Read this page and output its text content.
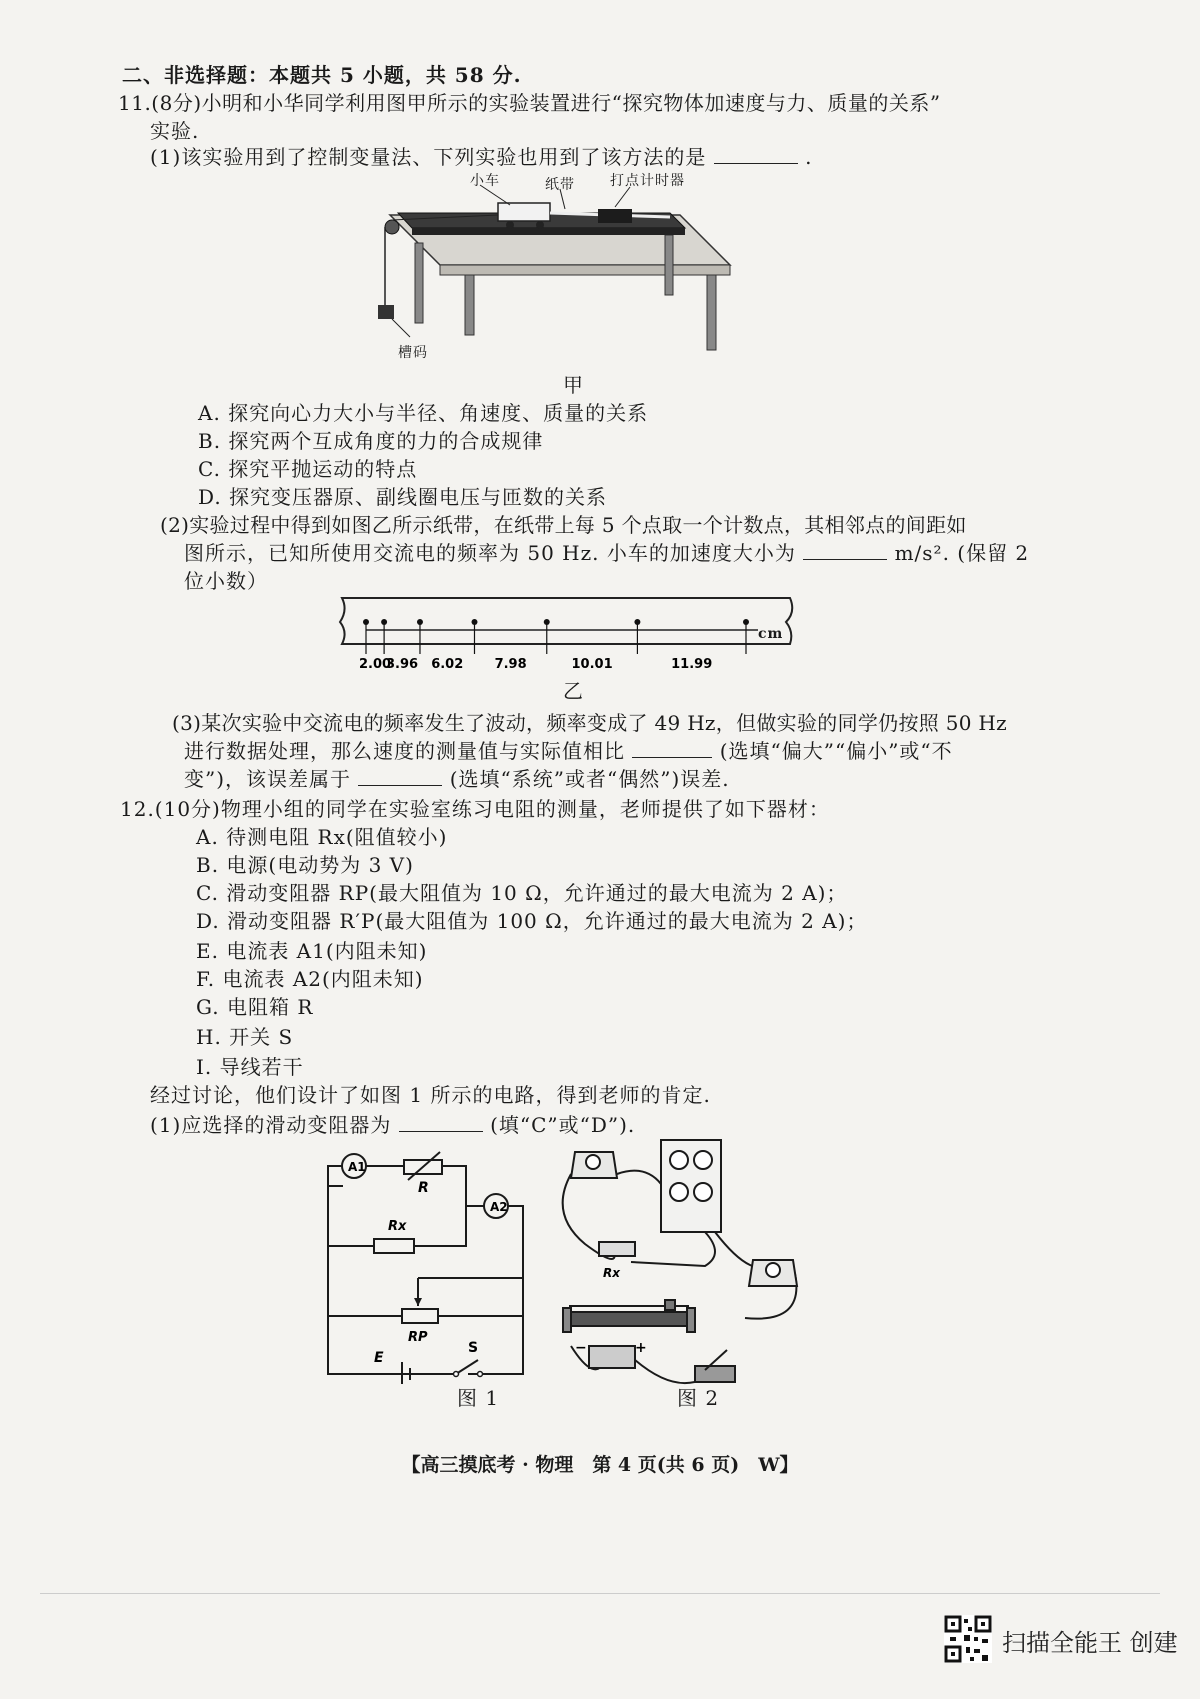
二、非选择题：本题共 5 小题，共 58 分.
11.(8分)小明和小华同学利用图甲所示的实验装置进行“探究物体加速度与力、质量的关系”
实验.
(1)该实验用到了控制变量法、下列实验也用到了该方法的是	.
小车	纸带	打点计时器
槽码
甲
A. 探究向心力大小与半径、角速度、质量的关系
B. 探究两个互成角度的力的合成规律
C. 探究平抛运动的特点
D. 探究变压器原、副线圈电压与匝数的关系
(2)实验过程中得到如图乙所示纸带，在纸带上每 5 个点取一个计数点，其相邻点的间距如
图所示，已知所使用交流电的频率为 50 Hz. 小车的加速度大小为	m/s². (保留 2
位小数）
2.00
3.96 6.02 7.98	10.01	11.99
cm
乙
(3)某次实验中交流电的频率发生了波动，频率变成了 49 Hz，但做实验的同学仍按照 50 Hz
进行数据处理，那么速度的测量值与实际值相比	(选填“偏大”“偏小”或“不
变”)，该误差属于	(选填“系统”或者“偶然”)误差.
12.(10分)物理小组的同学在实验室练习电阻的测量，老师提供了如下器材：
A. 待测电阻 Rx(阻值较小)
B. 电源(电动势为 3 V)
C. 滑动变阻器 RP(最大阻值为 10 Ω，允许通过的最大电流为 2 A)；
D. 滑动变阻器 R′P(最大阻值为 100 Ω，允许通过的最大电流为 2 A)；
E. 电流表 A1(内阻未知)
F. 电流表 A2(内阻未知)
G. 电阻箱 R
H. 开关 S
I. 导线若干
经过讨论，他们设计了如图 1 所示的电路，得到老师的肯定.
(1)应选择的滑动变阻器为	(填“C”或“D”).
A1
A2
R
Rx
RP
E
S
Rx
−	+
图 1	图 2
【高三摸底考 · 物理　第 4 页(共 6 页)　W】
扫描全能王 创建
